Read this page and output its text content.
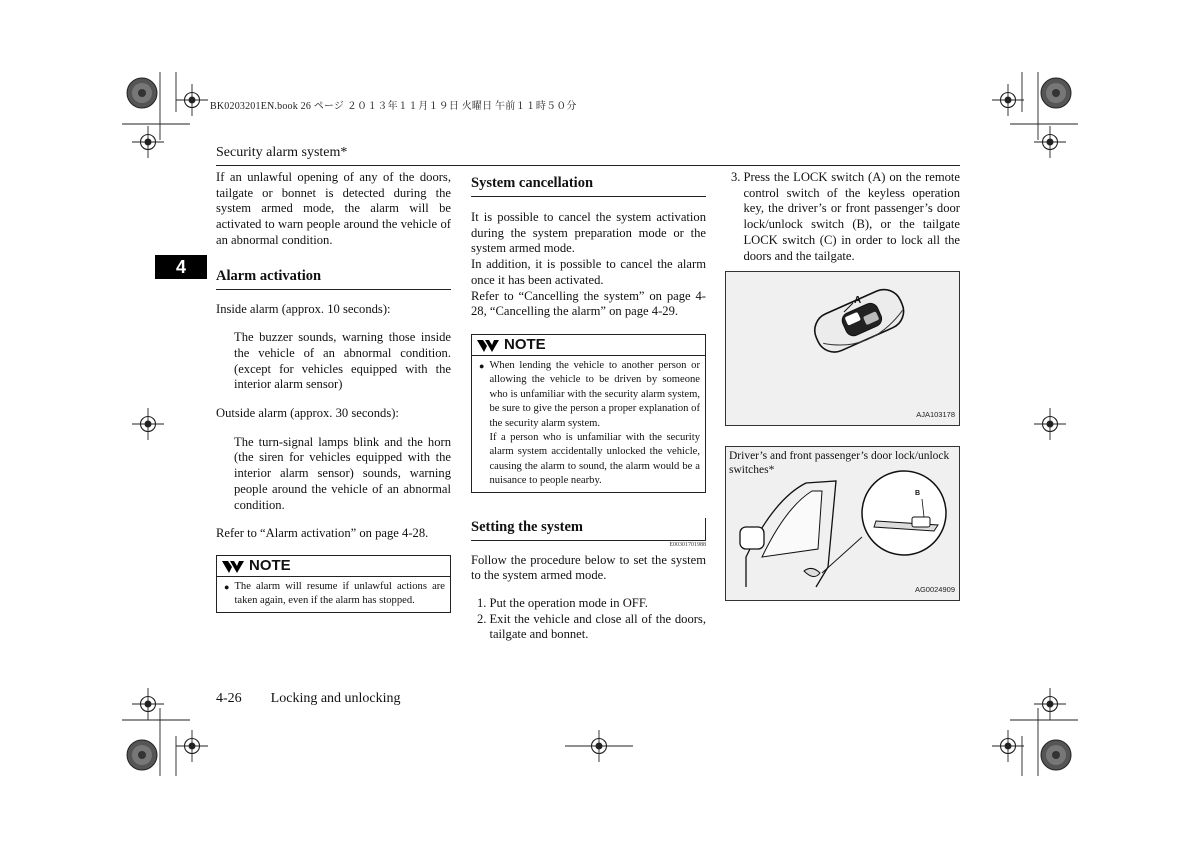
BK0203201EN.book 26 ページ ２０１３年１１月１９日 火曜日 午前１１時５０分
Security alarm system*
4

If an unlawful opening of any of the doors, tailgate or bonnet is detected during the system armed mode, the alarm will be activated to warn people around the vehicle of an abnormal condition.

Alarm activation

Inside alarm (approx. 10 seconds):

The buzzer sounds, warning those inside the vehicle of an abnormal condition. (except for vehicles equipped with the interior alarm sensor)

Outside alarm (approx. 30 seconds):

The turn-signal lamps blink and the horn (the siren for vehicles equipped with the interior alarm sensor) sounds, warning people around the vehicle of an abnormal condition.

Refer to “Alarm activation” on page 4-28.

NOTE
● The alarm will resume if unlawful actions are taken again, even if the alarm has stopped.
System cancellation

It is possible to cancel the system activation during the system preparation mode or the system armed mode.

In addition, it is possible to cancel the alarm once it has been activated.

Refer to “Cancelling the system” on page 4-28, “Cancelling the alarm” on page 4-29.

NOTE
● When lending the vehicle to another person or allowing the vehicle to be driven by someone who is unfamiliar with the security alarm system, be sure to give the person a proper explanation of the security alarm system.

If a person who is unfamiliar with the security alarm system accidentally unlocked the vehicle, causing the alarm to sound, the alarm would be a nuisance to people nearby.

Setting the system
E00301701988

Follow the procedure below to set the system to the system armed mode.

1. Put the operation mode in OFF.
2. Exit the vehicle and close all of the doors, tailgate and bonnet.
3. Press the LOCK switch (A) on the remote control switch of the keyless operation key, the driver’s or front passenger’s door lock/unlock switch (B), or the tailgate LOCK switch (C) in order to lock all the doors and the tailgate.
A
AJA103178
Driver’s and front passenger’s door lock/unlock switches*
B
AG0024909
4-26 Locking and unlocking
